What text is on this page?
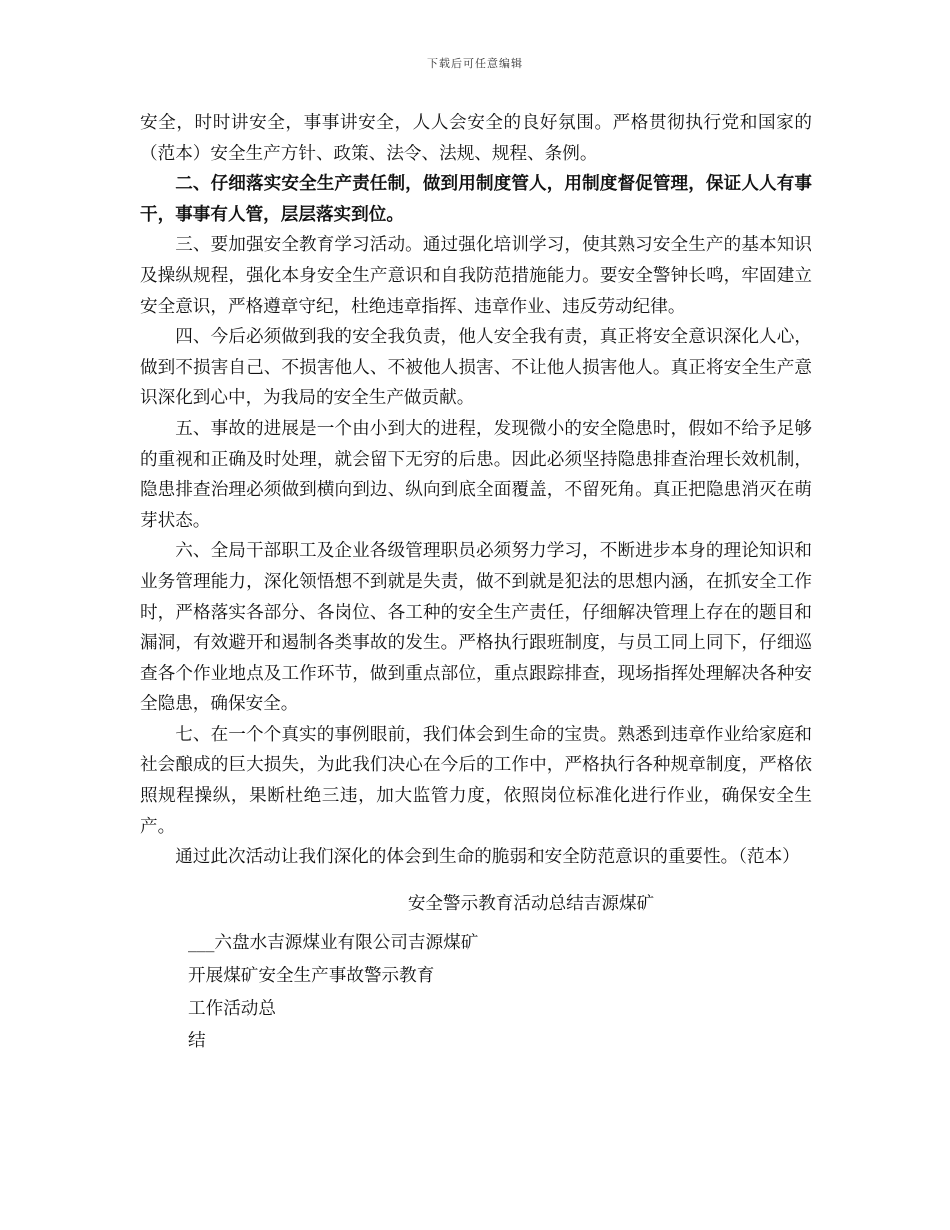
下载后可任意编辑

安全，时时讲安全，事事讲安全，人人会安全的良好氛围。严格贯彻执行党和国家的（范本）安全生产方针、政策、法令、法规、规程、条例。

二、仔细落实安全生产责任制，做到用制度管人，用制度督促管理，保证人人有事干，事事有人管，层层落实到位。

三、要加强安全教育学习活动。通过强化培训学习，使其熟习安全生产的基本知识及操纵规程，强化本身安全生产意识和自我防范措施能力。要安全警钟长鸣，牢固建立安全意识，严格遵章守纪，杜绝违章指挥、违章作业、违反劳动纪律。

四、今后必须做到我的安全我负责，他人安全我有责，真正将安全意识深化人心，做到不损害自己、不损害他人、不被他人损害、不让他人损害他人。真正将安全生产意识深化到心中，为我局的安全生产做贡献。

五、事故的进展是一个由小到大的进程，发现微小的安全隐患时，假如不给予足够的重视和正确及时处理，就会留下无穷的后患。因此必须坚持隐患排查治理长效机制，隐患排查治理必须做到横向到边、纵向到底全面覆盖，不留死角。真正把隐患消灭在萌芽状态。

六、全局干部职工及企业各级管理职员必须努力学习，不断进步本身的理论知识和业务管理能力，深化领悟想不到就是失责，做不到就是犯法的思想内涵，在抓安全工作时，严格落实各部分、各岗位、各工种的安全生产责任，仔细解决管理上存在的题目和漏洞，有效避开和遏制各类事故的发生。严格执行跟班制度，与员工同上同下，仔细巡查各个作业地点及工作环节，做到重点部位，重点跟踪排查，现场指挥处理解决各种安全隐患，确保安全。

七、在一个个真实的事例眼前，我们体会到生命的宝贵。熟悉到违章作业给家庭和社会酿成的巨大损失，为此我们决心在今后的工作中，严格执行各种规章制度，严格依照规程操纵，果断杜绝三违，加大监管力度，依照岗位标准化进行作业，确保安全生产。

通过此次活动让我们深化的体会到生命的脆弱和安全防范意识的重要性。（范本）

安全警示教育活动总结吉源煤矿

___六盘水吉源煤业有限公司吉源煤矿

开展煤矿安全生产事故警示教育

工作活动总

结
